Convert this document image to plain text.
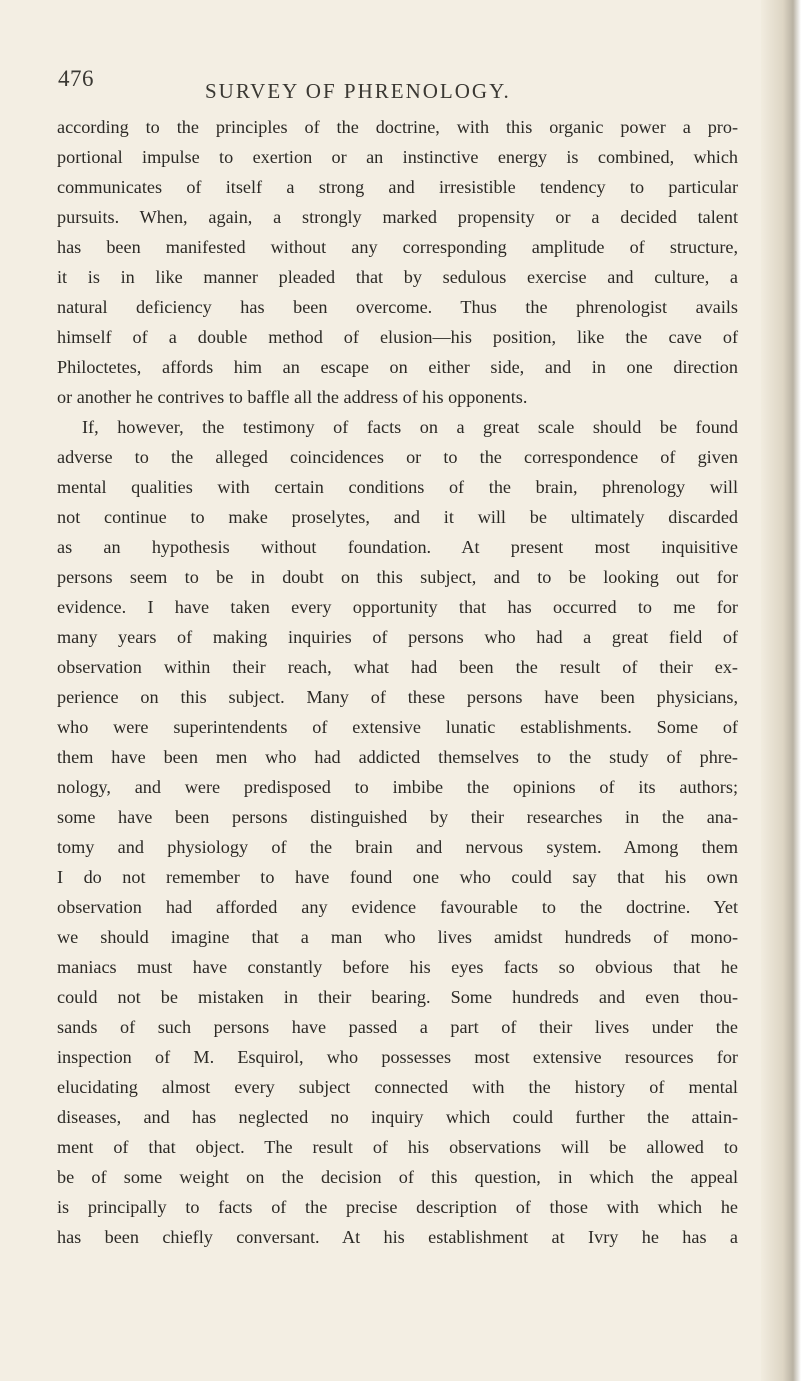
476	SURVEY OF PHRENOLOGY.
according to the principles of the doctrine, with this organic power a pro-
portional impulse to exertion or an instinctive energy is combined, which
communicates of itself a strong and irresistible tendency to particular
pursuits. When, again, a strongly marked propensity or a decided talent
has been manifested without any corresponding amplitude of structure,
it is in like manner pleaded that by sedulous exercise and culture, a
natural deficiency has been overcome. Thus the phrenologist avails
himself of a double method of elusion—his position, like the cave of
Philoctetes, affords him an escape on either side, and in one direction
or another he contrives to baffle all the address of his opponents.
If, however, the testimony of facts on a great scale should be found
adverse to the alleged coincidences or to the correspondence of given
mental qualities with certain conditions of the brain, phrenology will
not continue to make proselytes, and it will be ultimately discarded
as an hypothesis without foundation. At present most inquisitive
persons seem to be in doubt on this subject, and to be looking out for
evidence. I have taken every opportunity that has occurred to me for
many years of making inquiries of persons who had a great field of
observation within their reach, what had been the result of their ex-
perience on this subject. Many of these persons have been physicians,
who were superintendents of extensive lunatic establishments. Some of
them have been men who had addicted themselves to the study of phre-
nology, and were predisposed to imbibe the opinions of its authors;
some have been persons distinguished by their researches in the ana-
tomy and physiology of the brain and nervous system. Among them
I do not remember to have found one who could say that his own
observation had afforded any evidence favourable to the doctrine. Yet
we should imagine that a man who lives amidst hundreds of mono-
maniacs must have constantly before his eyes facts so obvious that he
could not be mistaken in their bearing. Some hundreds and even thou-
sands of such persons have passed a part of their lives under the
inspection of M. Esquirol, who possesses most extensive resources for
elucidating almost every subject connected with the history of mental
diseases, and has neglected no inquiry which could further the attain-
ment of that object. The result of his observations will be allowed to
be of some weight on the decision of this question, in which the appeal
is principally to facts of the precise description of those with which he
has been chiefly conversant. At his establishment at Ivry he has a
